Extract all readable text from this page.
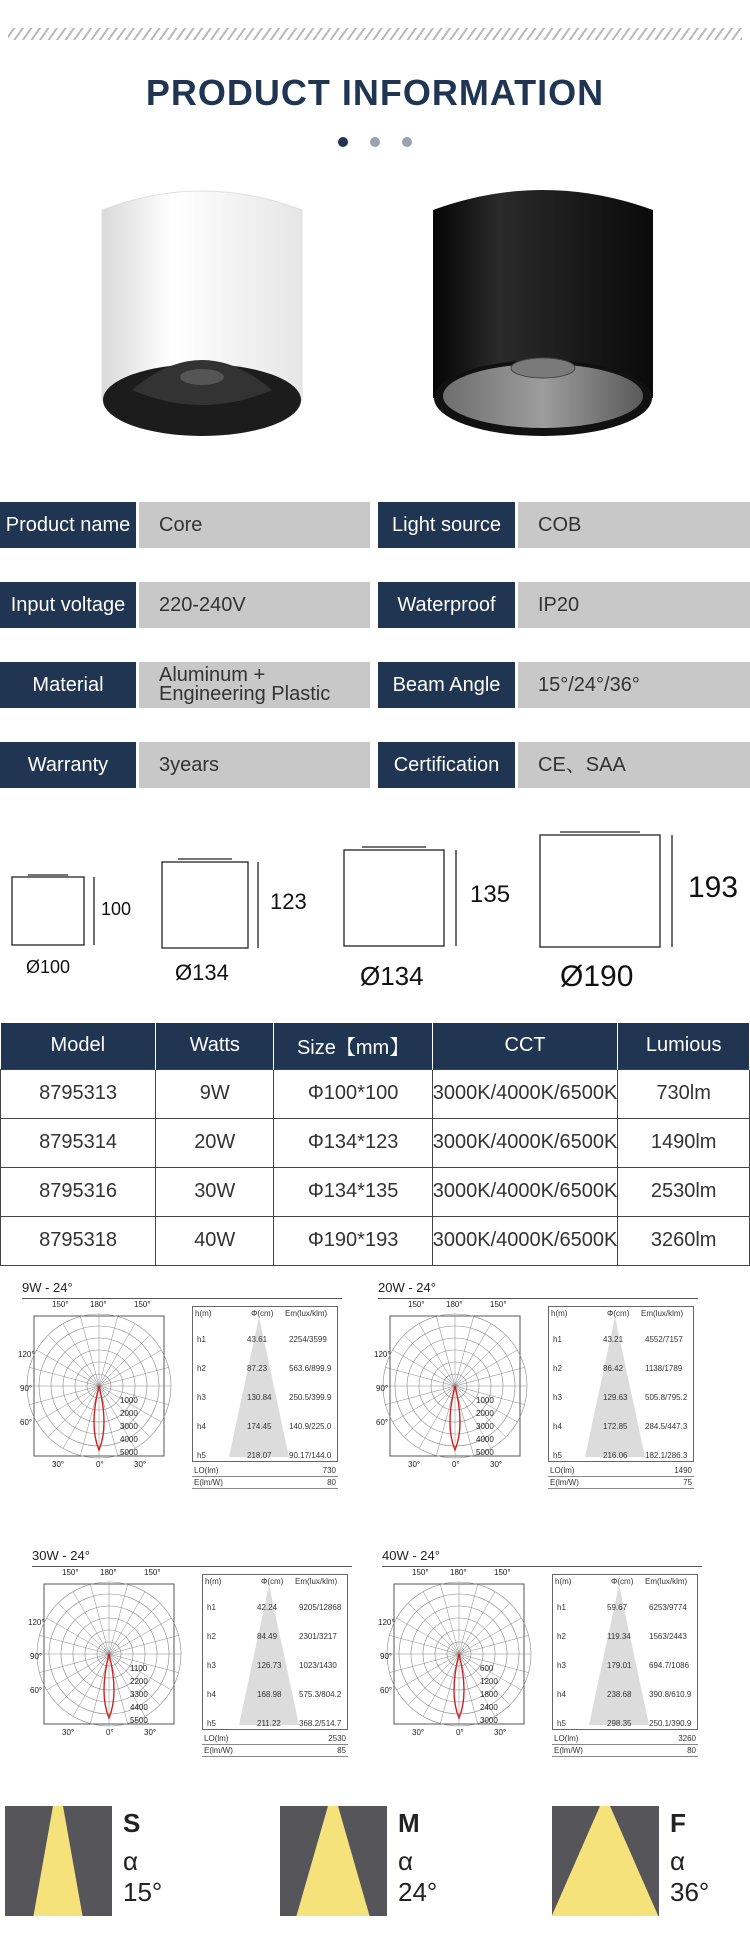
PRODUCT INFORMATION
Product name	Core	Light source	COB
Input voltage	220-240V	Waterproof	IP20
Material	Aluminum +
Engineering Plastic	Beam Angle	15°/24°/36°
Warranty	3years	Certification	CE、SAA
100
Ø100
123
Ø134
135
Ø134
193
Ø190
Model	Watts	Size【mm】	CCT	Lumious
8795313	9W	Φ100*100	3000K/4000K/6500K	730lm
8795314	20W	Φ134*123	3000K/4000K/6500K	1490lm
8795316	30W	Φ134*135	3000K/4000K/6500K	2530lm
8795318	40W	Φ190*193	3000K/4000K/6500K	3260lm
9W - 24°
150°	180°	150°
120°
90°
60°
30°	0°	30°
1000
2000
3000
4000
5000
h(m)	Φ(cm) Em(lux/klm)
h1	43.61	2254/3599
h2	87.23	563.6/899.9
h3	130.84 250.5/399.9
h4	174.45 140.9/225.0
h5	218.07 90.17/144.0
LO(lm)	730
E(lm/W)	80
20W - 24°
150°	180°	150°
120°
90°
60°
30°	0°	30°
1000
2000
3000
4000
5000
h(m)	Φ(cm) Em(lux/klm)
h1	43.21	4552/7157
h2	86.42	1138/1789
h3	129.63 505.8/795.2
h4	172.85 284.5/447.3
h5	216.06 182.1/286.3
LO(lm)	1490
E(lm/W)	75
30W - 24°
150°	180°	150°
120°
90°
60°
30°	0°	30°
1100
2200
3300
4400
5500
h(m)	Φ(cm) Em(lux/klm)
h1	42.24	9205/12868
h2	84.49	2301/3217
h3	126.73 1023/1430
h4	168.98 575.3/804.2
h5	211.22 368.2/514.7
LO(lm)	2530
E(lm/W)	85
40W - 24°
150°	180°	150°
120°
90°
60°
30°	0°	30°
600
1200
1800
2400
3000
h(m)	Φ(cm) Em(lux/klm)
h1	59.67	6253/9774
h2	119.34 1563/2443
h3	179.01 694.7/1086
h4	238.68 390.8/610.9
h5	298.35 250.1/390.9
LO(lm)	3260
E(lm/W)	80
S
α 15°
M
α 24°
F
α 36°
